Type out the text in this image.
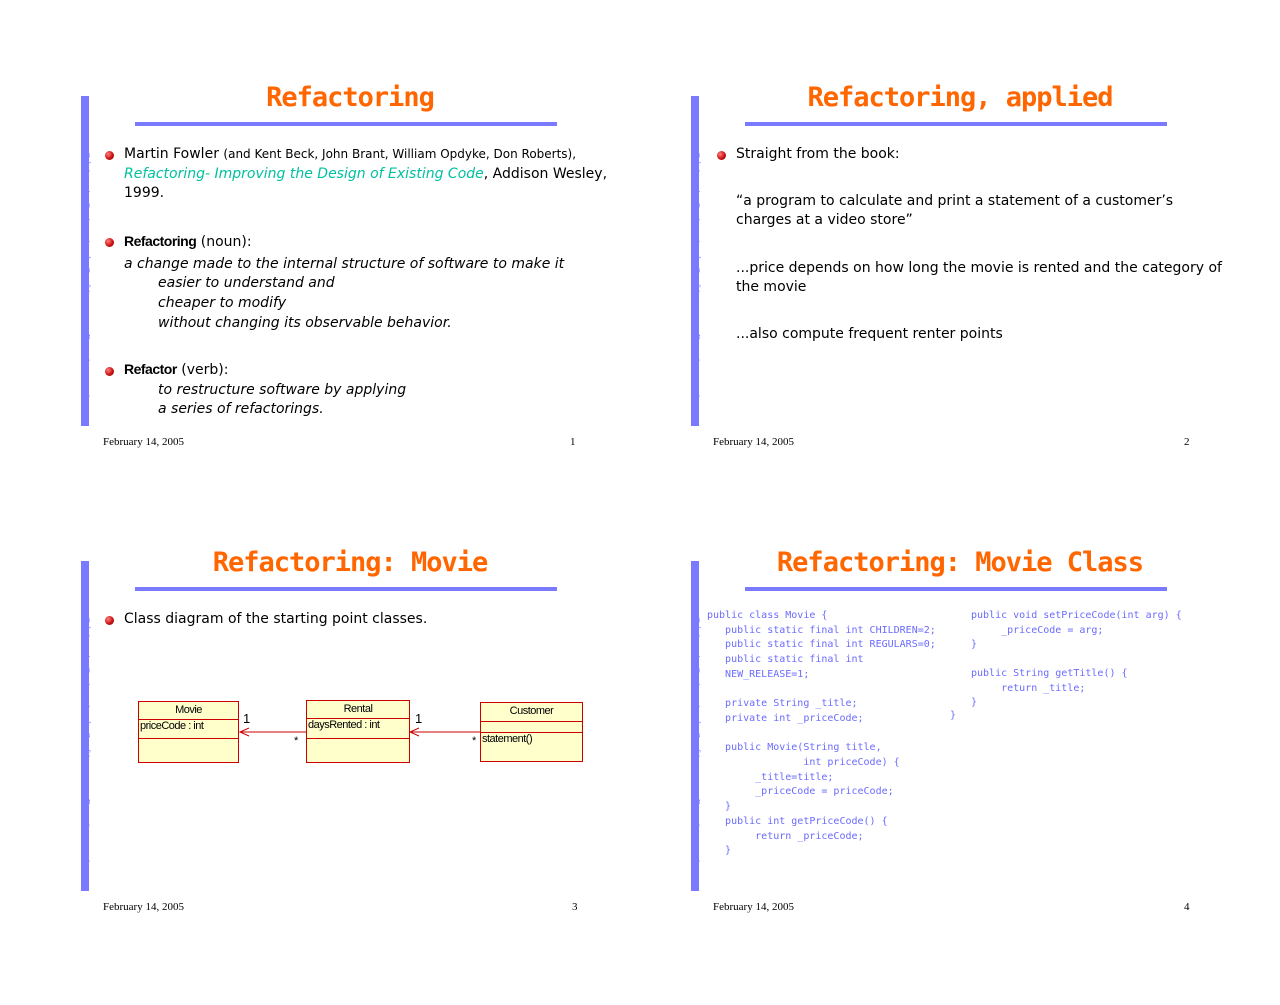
Object Oriented Software Engineering
Refactoring
Martin Fowler (and Kent Beck, John Brant, William Opdyke, Don Roberts),
Refactoring- Improving the Design of Existing Code, Addison Wesley,
1999.
Refactoring (noun):
a change made to the internal structure of software to make it
easier to understand and
cheaper to modify
without changing its observable behavior.
Refactor (verb):
to restructure software by applying
a series of refactorings.
February 14, 2005	1
Object Oriented Software Engineering
Refactoring, applied
Straight from the book:
“a program to calculate and print a statement of a customer’s
charges at a video store”
...price depends on how long the movie is rented and the category of
the movie
...also compute frequent renter points
February 14, 2005	2
Object Oriented Software Engineering
Refactoring: Movie
Class diagram of the starting point classes.
Movie
priceCode : int
Rental
daysRented : int
Customer
statement()
1
*
1
*
February 14, 2005	3
Object Oriented Software Engineering
Refactoring: Movie Class
public class Movie {
public static final int CHILDREN=2;
public static final int REGULARS=0;
public static final int
NEW_RELEASE=1;

private String _title;
private int _priceCode;

public Movie(String title,
int priceCode) {
_title=title;
_priceCode = priceCode;
}
public int getPriceCode() {
return _priceCode;
}
public void setPriceCode(int arg) {
_priceCode = arg;
}
public String getTitle() {
return _title;
}
}
February 14, 2005	4
